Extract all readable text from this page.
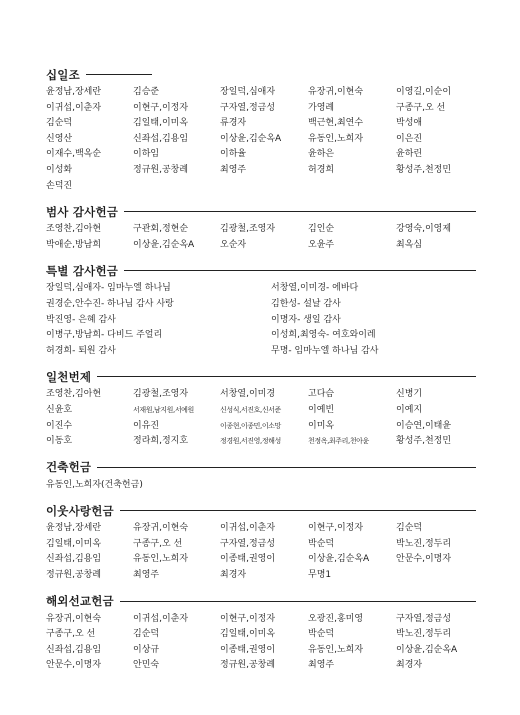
십일조
윤정남,장세란	김승준	장일덕,심애자	유장귀,이현숙	이영길,이순이
이귀섭,이춘자	이현구,이정자	구자열,정금성	가영례	구종구,오 선
김순덕	김일태,이미옥	류경자	백근현,최연수	박성애
신영산	신좌섭,김용임	이상윤,김순옥A	유동인,노희자	이은진
이재수,백옥순	이하임	이하율	윤하은	윤하린
이성화	정규원,공창례	최영주	허경희	황성주,천정민
손덕진
범사 감사헌금
조영찬,김아현	구관회,정현순	김광철,조영자	김인순	강영숙,이영제
박애순,방남희	이상윤,김순옥A	오순자	오윤주	최옥심
특별 감사헌금
장일덕,심애자- 임마누엘 하나님	서창열,이미경- 에바다
권경순,안수진- 하나님 감사 사랑	김한성- 설날 감사
박진영- 은혜 감사	이명자- 생일 감사
이병구,방남희- 다비드 주얼리	이성희,최영숙- 여호와이레
허경희- 퇴원 감사	무명- 임마누엘 하나님 감사
일천번제
조영찬,김아현	김광철,조영자	서창열,이미경	고다슴	신병기
신윤호	서재원,남지원,서예원	신성식,서진호,신서준	이예빈	이예지
이진수	이유진	이종현,이종민,이소망	이미옥	이승연,이태윤
이동호	정라희,정지호	정경원,서진영,정해성	천정옥,최주리,천아윤	황성주,천정민
건축헌금
유동인,노희자(건축헌금)
이웃사랑헌금
윤정남,장세란	유장귀,이현숙	이귀섭,이춘자	이현구,이정자	김순덕
김일태,이미옥	구종구,오 선	구자열,정금성	박순덕	박노진,정두리
신좌섭,김용임	유동인,노희자	이종태,권영이	이상윤,김순옥A	안문수,이명자
정규원,공창례	최영주	최경자	무명1
해외선교헌금
유장귀,이현숙	이귀섭,이춘자	이현구,이정자	오광진,홍미영	구자열,정금성
구종구,오 선	김순덕	김일태,이미옥	박순덕	박노진,정두리
신좌섭,김용임	이상규	이종태,권영이	유동인,노희자	이상윤,김순옥A
안문수,이명자	안민숙	정규원,공창례	최영주	최경자
